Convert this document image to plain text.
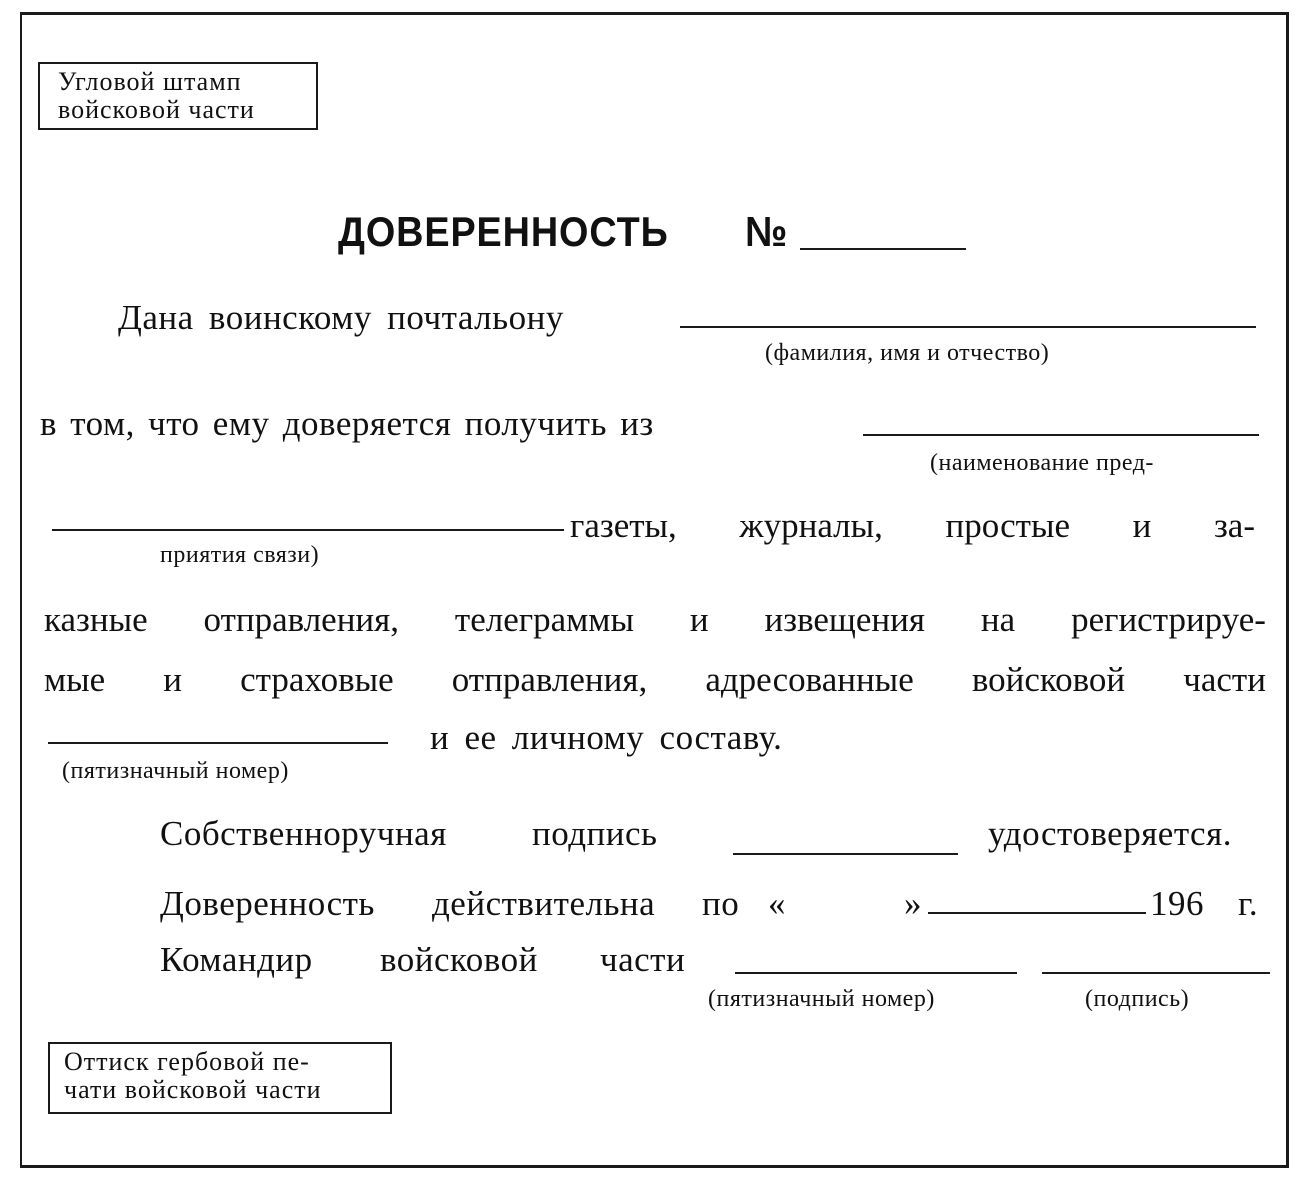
Угловой штамп
войсковой части
ДОВЕРЕННОСТЬ №
Дана воинскому почтальону
(фамилия, имя и отчество)
в том, что ему доверяется получить из
(наименование пред-
газеты, журналы, простые и за-
приятия связи)
казные отправления, телеграммы и извещения на регистрируе-
мые и страховые отправления, адресованные войсковой части
и ее личному составу.
(пятизначный номер)
Собственноручная подпись	удостоверяется.
Доверенность действительна по «	»	196 г.
Командир войсковой части
(пятизначный номер)	(подпись)
Оттиск гербовой пе-
чати войсковой части
